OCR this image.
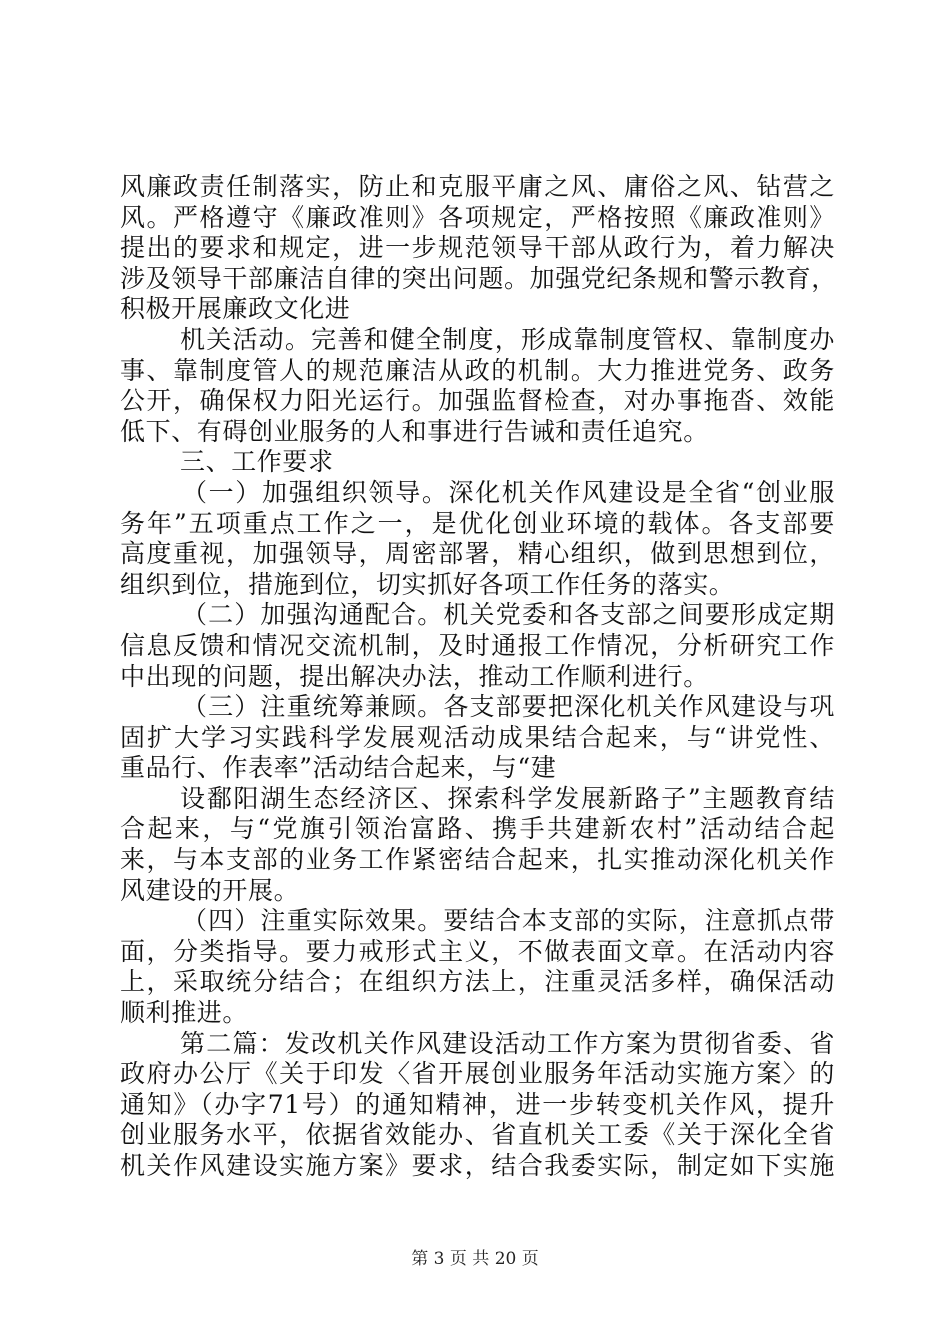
风廉政责任制落实，防止和克服平庸之风、庸俗之风、钻营之
风。严格遵守《廉政准则》各项规定，严格按照《廉政准则》
提出的要求和规定，进一步规范领导干部从政行为，着力解决
涉及领导干部廉洁自律的突出问题。加强党纪条规和警示教育，
积极开展廉政文化进
机关活动。完善和健全制度，形成靠制度管权、靠制度办
事、靠制度管人的规范廉洁从政的机制。大力推进党务、政务
公开，确保权力阳光运行。加强监督检查，对办事拖沓、效能
低下、有碍创业服务的人和事进行告诫和责任追究。
三、工作要求
（一）加强组织领导。深化机关作风建设是全省“创业服
务年”五项重点工作之一，是优化创业环境的载体。各支部要
高度重视，加强领导，周密部署，精心组织，做到思想到位，
组织到位，措施到位，切实抓好各项工作任务的落实。
（二）加强沟通配合。机关党委和各支部之间要形成定期
信息反馈和情况交流机制，及时通报工作情况，分析研究工作
中出现的问题，提出解决办法，推动工作顺利进行。
（三）注重统筹兼顾。各支部要把深化机关作风建设与巩
固扩大学习实践科学发展观活动成果结合起来，与“讲党性、
重品行、作表率”活动结合起来，与“建
设鄱阳湖生态经济区、探索科学发展新路子”主题教育结
合起来，与“党旗引领治富路、携手共建新农村”活动结合起
来，与本支部的业务工作紧密结合起来，扎实推动深化机关作
风建设的开展。
（四）注重实际效果。要结合本支部的实际，注意抓点带
面，分类指导。要力戒形式主义，不做表面文章。在活动内容
上，采取统分结合；在组织方法上，注重灵活多样，确保活动
顺利推进。
第二篇：发改机关作风建设活动工作方案为贯彻省委、省
政府办公厅《关于印发〈省开展创业服务年活动实施方案〉的
通知》（办字71号）的通知精神，进一步转变机关作风，提升
创业服务水平，依据省效能办、省直机关工委《关于深化全省
机关作风建设实施方案》要求，结合我委实际，制定如下实施
第 3 页 共 20 页
